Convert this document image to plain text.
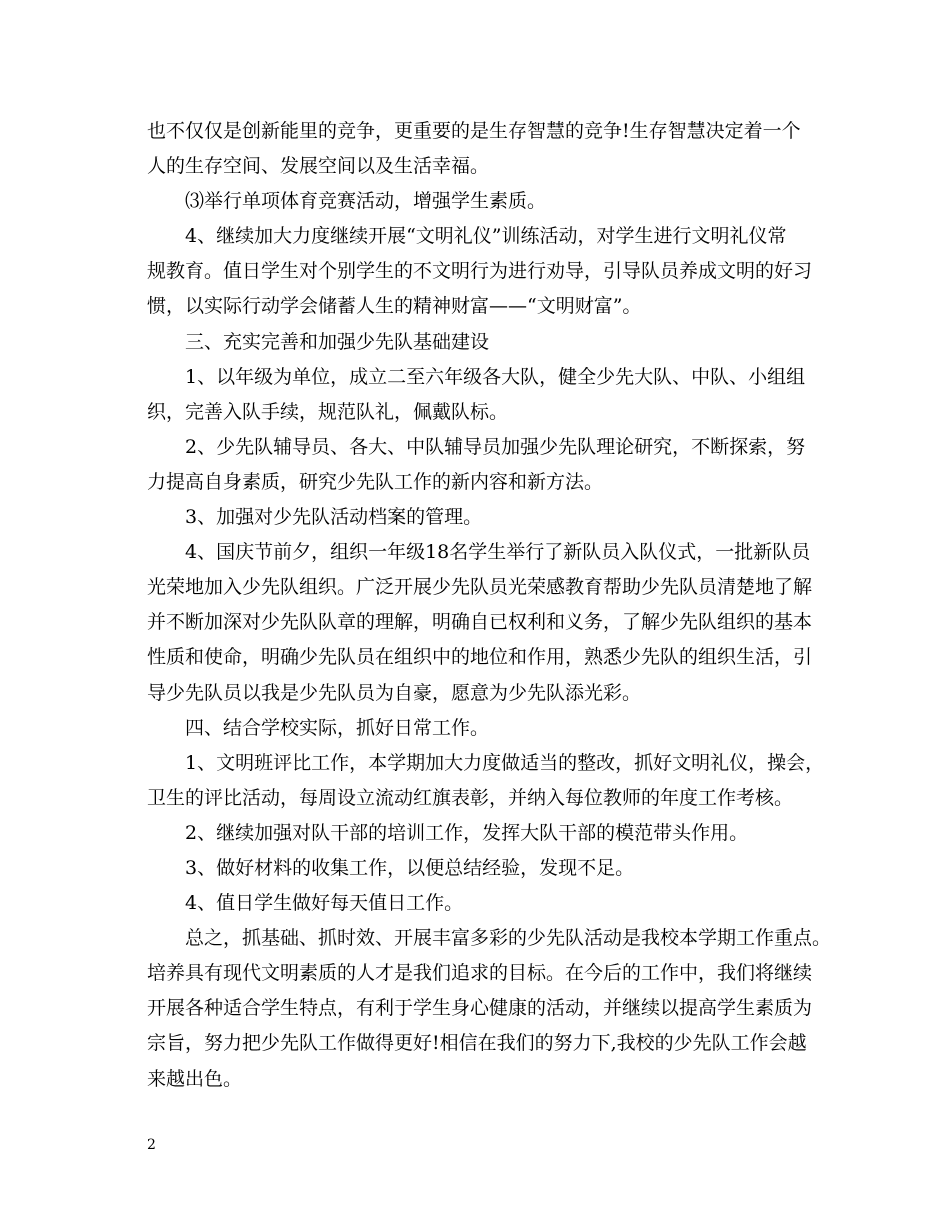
也不仅仅是创新能里的竞争，更重要的是生存智慧的竞争!生存智慧决定着一个

人的生存空间、发展空间以及生活幸福。

⑶举行单项体育竞赛活动，增强学生素质。

4、继续加大力度继续开展“文明礼仪”训练活动，对学生进行文明礼仪常

规教育。值日学生对个别学生的不文明行为进行劝导，引导队员养成文明的好习

惯，以实际行动学会储蓄人生的精神财富——“文明财富”。

三、充实完善和加强少先队基础建设

1、以年级为单位，成立二至六年级各大队，健全少先大队、中队、小组组

织，完善入队手续，规范队礼，佩戴队标。

2、少先队辅导员、各大、中队辅导员加强少先队理论研究，不断探索，努

力提高自身素质，研究少先队工作的新内容和新方法。

3、加强对少先队活动档案的管理。

4、国庆节前夕，组织一年级18名学生举行了新队员入队仪式，一批新队员

光荣地加入少先队组织。广泛开展少先队员光荣感教育帮助少先队员清楚地了解

并不断加深对少先队队章的理解，明确自已权利和义务，了解少先队组织的基本

性质和使命，明确少先队员在组织中的地位和作用，熟悉少先队的组织生活，引

导少先队员以我是少先队员为自豪，愿意为少先队添光彩。

四、结合学校实际，抓好日常工作。

1、文明班评比工作，本学期加大力度做适当的整改，抓好文明礼仪，操会，

卫生的评比活动，每周设立流动红旗表彰，并纳入每位教师的年度工作考核。

2、继续加强对队干部的培训工作，发挥大队干部的模范带头作用。

3、做好材料的收集工作，以便总结经验，发现不足。

4、值日学生做好每天值日工作。

总之，抓基础、抓时效、开展丰富多彩的少先队活动是我校本学期工作重点。

培养具有现代文明素质的人才是我们追求的目标。在今后的工作中，我们将继续

开展各种适合学生特点，有利于学生身心健康的活动，并继续以提高学生素质为

宗旨，努力把少先队工作做得更好!相信在我们的努力下,我校的少先队工作会越

来越出色。

2
